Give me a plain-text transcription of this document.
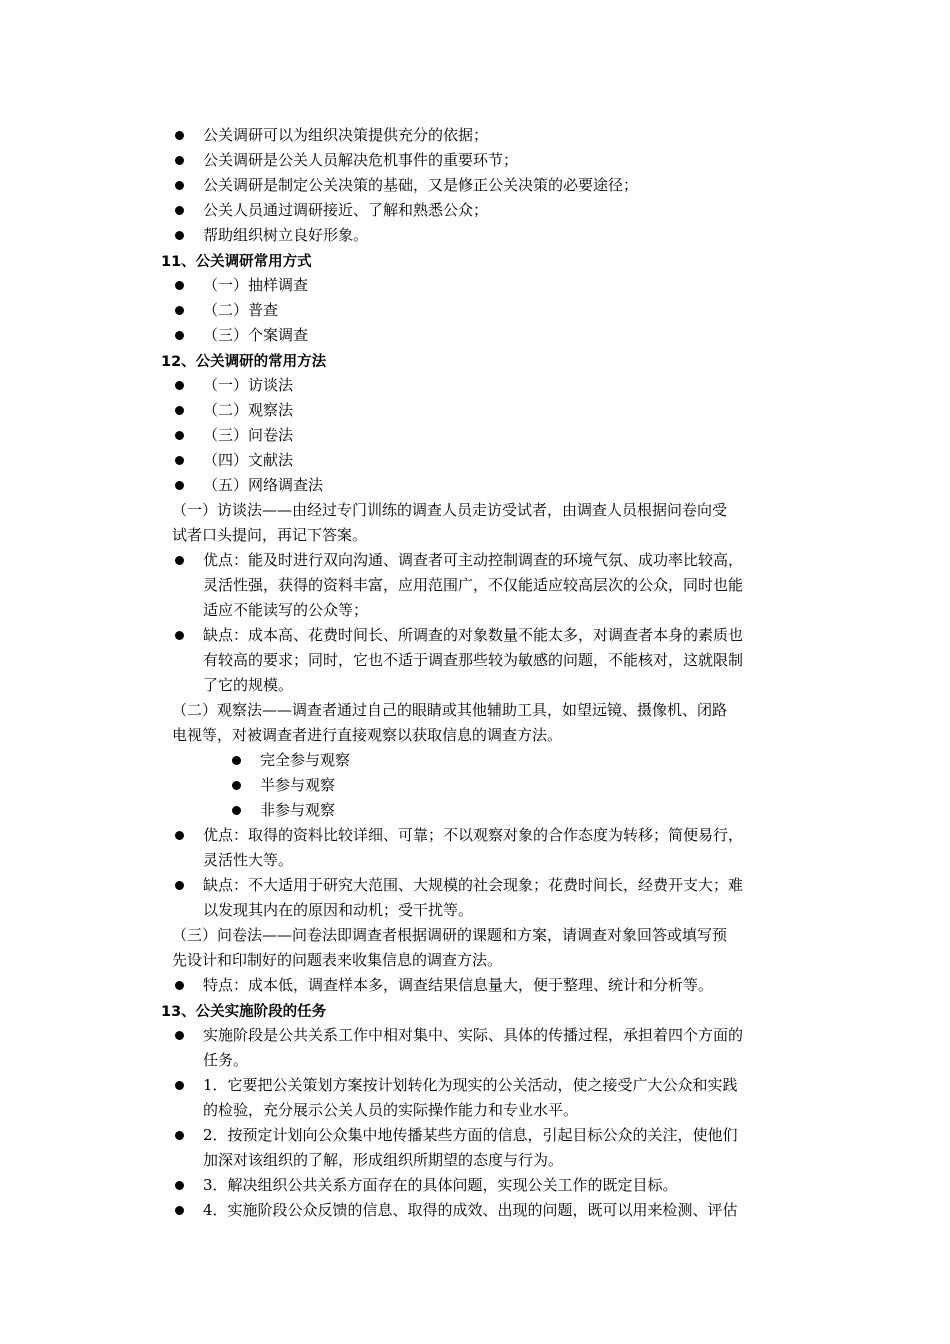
公关调研可以为组织决策提供充分的依据；
公关调研是公关人员解决危机事件的重要环节；
公关调研是制定公关决策的基础，又是修正公关决策的必要途径；
公关人员通过调研接近、了解和熟悉公众；
帮助组织树立良好形象。
11、公关调研常用方式
（一）抽样调查
（二）普查
（三）个案调查
12、公关调研的常用方法
（一）访谈法
（二）观察法
（三）问卷法
（四）文献法
（五）网络调查法
（一）访谈法——由经过专门训练的调查人员走访受试者，由调查人员根据问卷向受
试者口头提问，再记下答案。
优点：能及时进行双向沟通、调查者可主动控制调查的环境气氛、成功率比较高，
灵活性强，获得的资料丰富，应用范围广，不仅能适应较高层次的公众，同时也能
适应不能读写的公众等；
缺点：成本高、花费时间长、所调查的对象数量不能太多，对调查者本身的素质也
有较高的要求；同时，它也不适于调查那些较为敏感的问题，不能核对，这就限制
了它的规模。
（二）观察法——调查者通过自己的眼睛或其他辅助工具，如望远镜、摄像机、闭路
电视等，对被调查者进行直接观察以获取信息的调查方法。
完全参与观察
半参与观察
非参与观察
优点：取得的资料比较详细、可靠；不以观察对象的合作态度为转移；简便易行，
灵活性大等。
缺点：不大适用于研究大范围、大规模的社会现象；花费时间长，经费开支大；难
以发现其内在的原因和动机；受干扰等。
（三）问卷法——问卷法即调查者根据调研的课题和方案，请调查对象回答或填写预
先设计和印制好的问题表来收集信息的调查方法。
特点：成本低，调查样本多，调查结果信息量大，便于整理、统计和分析等。
13、公关实施阶段的任务
实施阶段是公共关系工作中相对集中、实际、具体的传播过程，承担着四个方面的
任务。
1．它要把公关策划方案按计划转化为现实的公关活动，使之接受广大公众和实践
的检验，充分展示公关人员的实际操作能力和专业水平。
2．按预定计划向公众集中地传播某些方面的信息，引起目标公众的关注，使他们
加深对该组织的了解，形成组织所期望的态度与行为。
3．解决组织公共关系方面存在的具体问题，实现公关工作的既定目标。
4．实施阶段公众反馈的信息、取得的成效、出现的问题，既可以用来检测、评估
